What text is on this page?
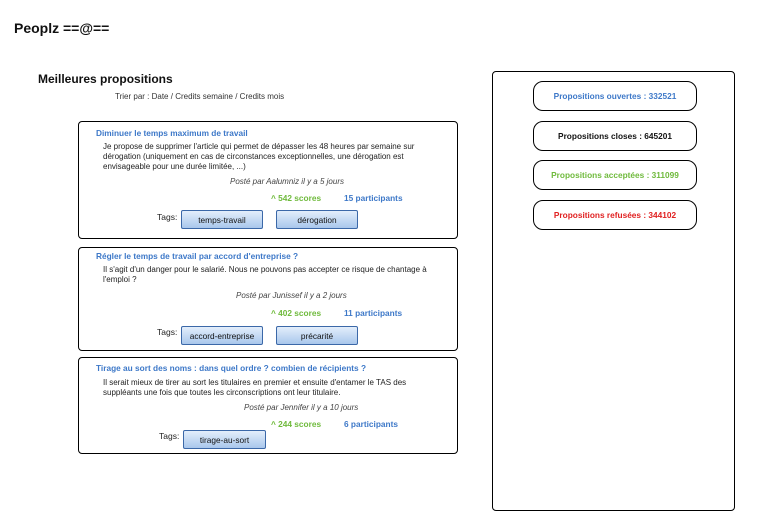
Peoplz ==@==
Meilleures propositions
Trier par : Date / Credits semaine / Credits mois
Diminuer le temps maximum de travail
Je propose de supprimer l'article qui permet de dépasser les 48 heures par semaine sur dérogation (uniquement en cas de circonstances exceptionnelles, une dérogation est envisageable pour une durée limitée, ...)
Posté par Aalumniz il y a 5 jours
^ 542 scores	15 participants
Tags:	temps-travail	dérogation
Régler le temps de travail par accord d'entreprise ?
Il s'agit d'un danger pour le salarié. Nous ne pouvons pas accepter ce risque de chantage à l'emploi ?
Posté par Junissef il y a 2 jours
^ 402 scores	11 participants
Tags:	accord-entreprise	précarité
Tirage au sort des noms : dans quel ordre ? combien de récipients ?
Il serait mieux de tirer au sort les titulaires en premier et ensuite d'entamer le TAS des suppléants une fois que toutes les circonscriptions ont leur titulaire.
Posté par Jennifer il y a 10 jours
^ 244 scores	6 participants
Tags:	tirage-au-sort
Propositions ouvertes : 332521
Propositions closes : 645201
Propositions acceptées : 311099
Propositions refusées : 344102
